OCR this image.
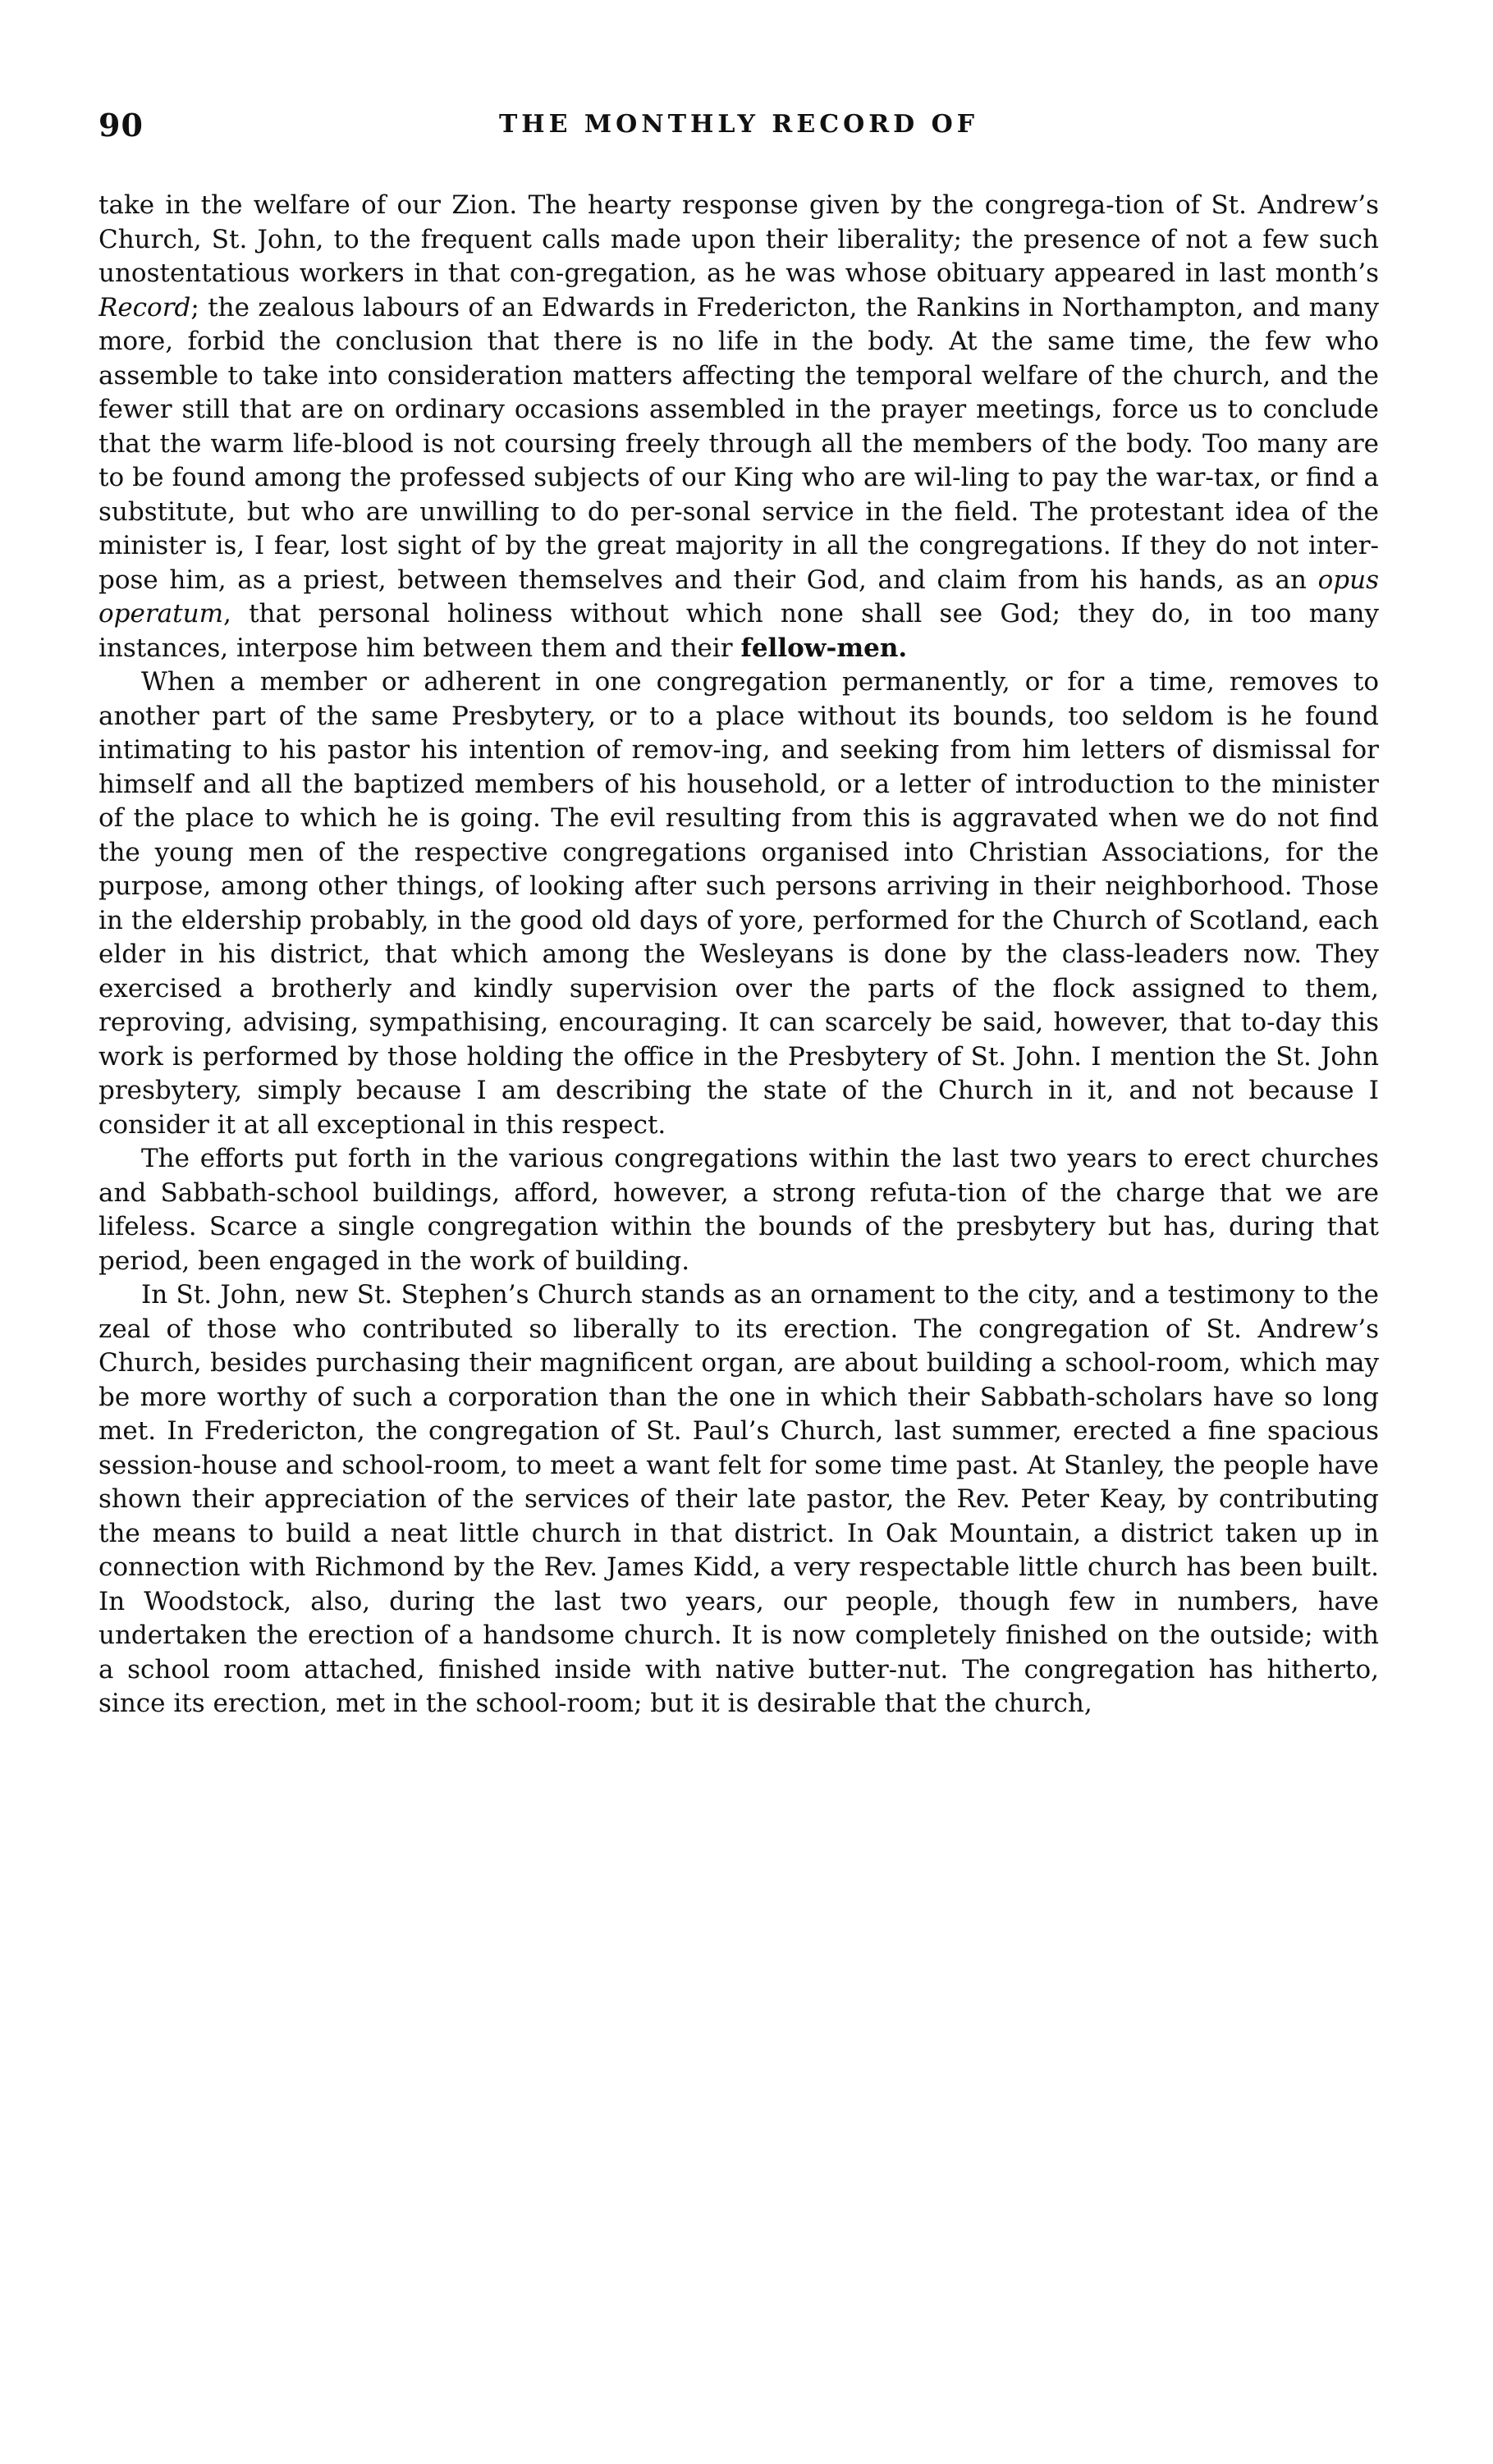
90	THE MONTHLY RECORD OF

take in the welfare of our Zion. The hearty response given by the congrega-tion of St. Andrew’s Church, St. John, to the frequent calls made upon their liberality; the presence of not a few such unostentatious workers in that con-gregation, as he was whose obituary appeared in last month’s Record; the zealous labours of an Edwards in Fredericton, the Rankins in Northampton, and many more, forbid the conclusion that there is no life in the body. At the same time, the few who assemble to take into consideration matters affecting the temporal welfare of the church, and the fewer still that are on ordinary occasions assembled in the prayer meetings, force us to conclude that the warm life-blood is not coursing freely through all the members of the body. Too many are to be found among the professed subjects of our King who are wil-ling to pay the war-tax, or find a substitute, but who are unwilling to do per-sonal service in the field. The protestant idea of the minister is, I fear, lost sight of by the great majority in all the congregations. If they do not inter-pose him, as a priest, between themselves and their God, and claim from his hands, as an opus operatum, that personal holiness without which none shall see God; they do, in too many instances, interpose him between them and their fellow-men.

When a member or adherent in one congregation permanently, or for a time, removes to another part of the same Presbytery, or to a place without its bounds, too seldom is he found intimating to his pastor his intention of remov-ing, and seeking from him letters of dismissal for himself and all the baptized members of his household, or a letter of introduction to the minister of the place to which he is going. The evil resulting from this is aggravated when we do not find the young men of the respective congregations organised into Christian Associations, for the purpose, among other things, of looking after such persons arriving in their neighborhood. Those in the eldership probably, in the good old days of yore, performed for the Church of Scotland, each elder in his district, that which among the Wesleyans is done by the class-leaders now. They exercised a brotherly and kindly supervision over the parts of the flock assigned to them, reproving, advising, sympathising, encouraging. It can scarcely be said, however, that to-day this work is performed by those holding the office in the Presbytery of St. John. I mention the St. John presbytery, simply because I am describing the state of the Church in it, and not because I consider it at all exceptional in this respect.

The efforts put forth in the various congregations within the last two years to erect churches and Sabbath-school buildings, afford, however, a strong refuta-tion of the charge that we are lifeless. Scarce a single congregation within the bounds of the presbytery but has, during that period, been engaged in the work of building.

In St. John, new St. Stephen’s Church stands as an ornament to the city, and a testimony to the zeal of those who contributed so liberally to its erection. The congregation of St. Andrew’s Church, besides purchasing their magnificent organ, are about building a school-room, which may be more worthy of such a corporation than the one in which their Sabbath-scholars have so long met. In Fredericton, the congregation of St. Paul’s Church, last summer, erected a fine spacious session-house and school-room, to meet a want felt for some time past. At Stanley, the people have shown their appreciation of the services of their late pastor, the Rev. Peter Keay, by contributing the means to build a neat little church in that district. In Oak Mountain, a district taken up in connection with Richmond by the Rev. James Kidd, a very respectable little church has been built. In Woodstock, also, during the last two years, our people, though few in numbers, have undertaken the erection of a handsome church. It is now completely finished on the outside; with a school room attached, finished inside with native butter-nut. The congregation has hitherto, since its erection, met in the school-room; but it is desirable that the church,
